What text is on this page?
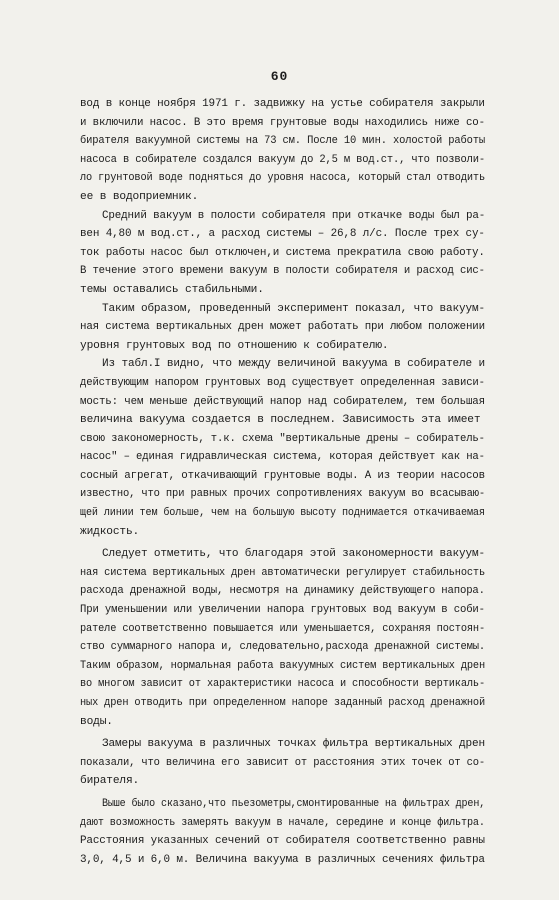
60
вод в конце ноября 1971 г. задвижку на устье собирателя закрыли
и включили насос. В это время грунтовые воды находились ниже со-
бирателя вакуумной системы на 73 см. После 10 мин. холостой работы
насоса в собирателе создался вакуум до 2,5 м вод.ст., что позволи-
ло грунтовой воде подняться до уровня насоса, который стал отводить
ее в водоприемник.
Средний вакуум в полости собирателя при откачке воды был ра-
вен 4,80 м вод.ст., а расход системы – 26,8 л/с. После трех су-
ток работы насос был отключен,и система прекратила свою работу.
В течение этого времени вакуум в полости собирателя и расход сис-
темы оставались стабильными.
Таким образом, проведенный эксперимент показал, что вакуум-
ная система вертикальных дрен может работать при любом положении
уровня грунтовых вод по отношению к собирателю.
Из табл.I видно, что между величиной вакуума в собирателе и
действующим напором грунтовых вод существует определенная зависи-
мость: чем меньше действующий напор над собирателем, тем большая
величина вакуума создается в последнем. Зависимость эта имеет
свою закономерность, т.к. схема "вертикальные дрены – собиратель-
насос" – единая гидравлическая система, которая действует как на-
сосный агрегат, откачивающий грунтовые воды. А из теории насосов
известно, что при равных прочих сопротивлениях вакуум во всасываю-
щей линии тем больше, чем на большую высоту поднимается откачиваемая
жидкость.
Следует отметить, что благодаря этой закономерности вакуум-
ная система вертикальных дрен автоматически регулирует стабильность
расхода дренажной воды, несмотря на динамику действующего напора.
При уменьшении или увеличении напора грунтовых вод вакуум в соби-
рателе соответственно повышается или уменьшается, сохраняя постоян-
ство суммарного напора и, следовательно,расхода дренажной системы.
Таким образом, нормальная работа вакуумных систем вертикальных дрен
во многом зависит от характеристики насоса и способности вертикаль-
ных дрен отводить при определенном напоре заданный расход дренажной
воды.
Замеры вакуума в различных точках фильтра вертикальных дрен
показали, что величина его зависит от расстояния этих точек от со-
бирателя.
Выше было сказано,что пьезометры,смонтированные на фильтрах дрен,
дают возможность замерять вакуум в начале, середине и конце фильтра.
Расстояния указанных сечений от собирателя соответственно равны
3,0, 4,5 и 6,0 м. Величина вакуума в различных сечениях фильтра
